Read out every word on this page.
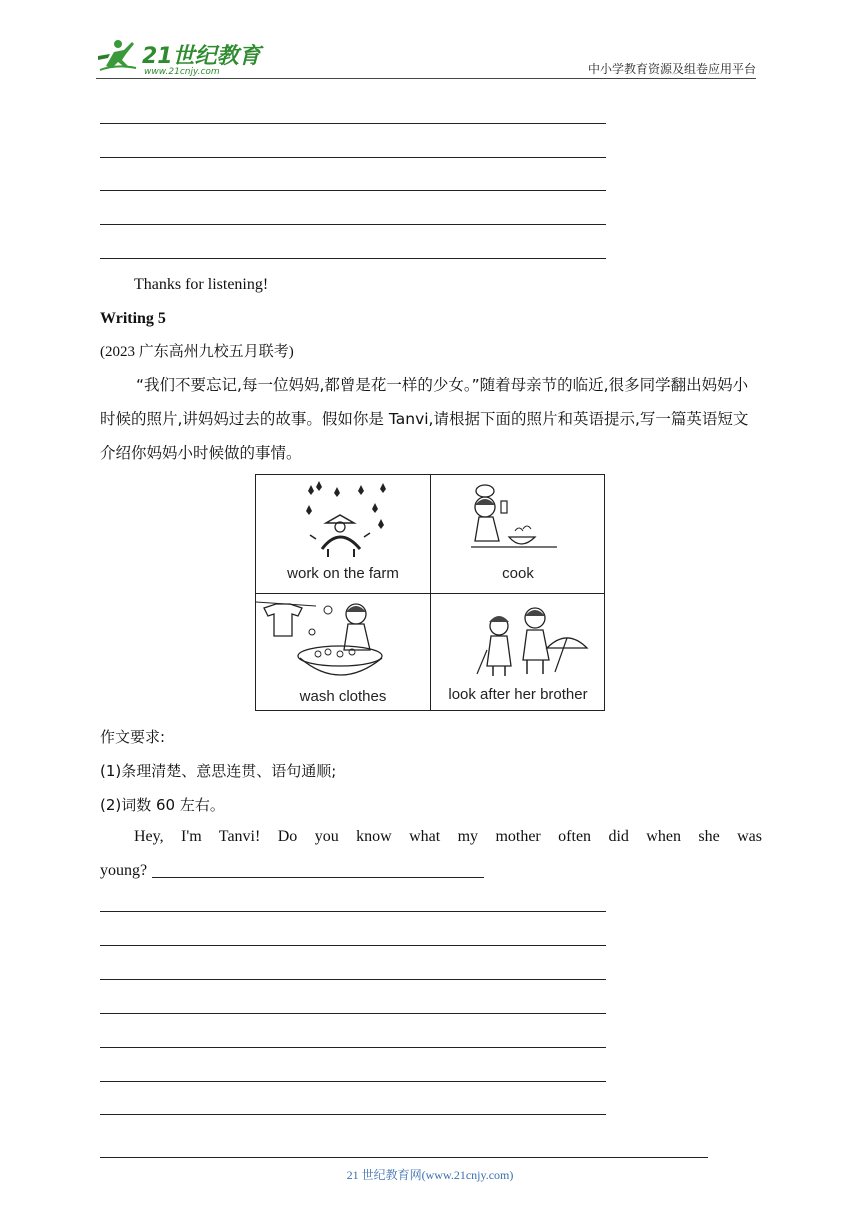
21世纪教育
www.21cnjy.com	中小学教育资源及组卷应用平台
Thanks for listening!
Writing 5
(2023 广东高州九校五月联考)
“我们不要忘记,每一位妈妈,都曾是花一样的少女。”随着母亲节的临近,很多同学翻出妈妈小时候的照片,讲妈妈过去的故事。假如你是 Tanvi,请根据下面的照片和英语提示,写一篇英语短文介绍你妈妈小时候做的事情。
work on the farm	cook
wash clothes	look after her brother
作文要求:
(1)条理清楚、意思连贯、语句通顺;
(2)词数 60 左右。
Hey, I'm Tanvi! Do you know what my mother often did when she was
young?
21 世纪教育网(www.21cnjy.com)
